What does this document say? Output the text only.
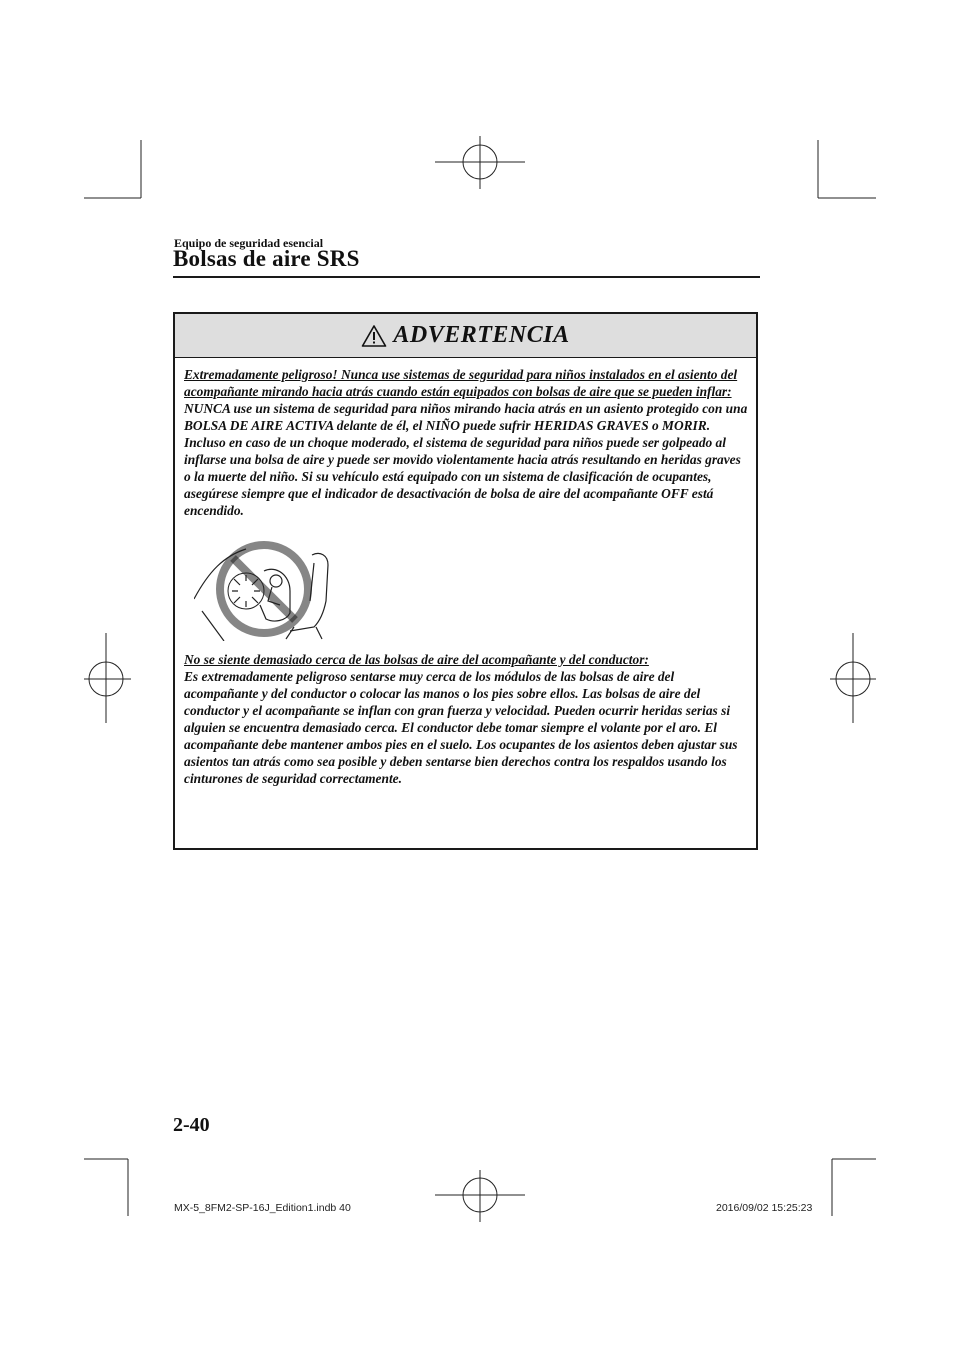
Equipo de seguridad esencial
Bolsas de aire SRS
ADVERTENCIA

Extremadamente peligroso! Nunca use sistemas de seguridad para niños instalados en el asiento del acompañante mirando hacia atrás cuando están equipados con bolsas de aire que se pueden inflar:

NUNCA use un sistema de seguridad para niños mirando hacia atrás en un asiento protegido con una BOLSA DE AIRE ACTIVA delante de él, el NIÑO puede sufrir HERIDAS GRAVES o MORIR.

Incluso en caso de un choque moderado, el sistema de seguridad para niños puede ser golpeado al inflarse una bolsa de aire y puede ser movido violentamente hacia atrás resultando en heridas graves o la muerte del niño. Si su vehículo está equipado con un sistema de clasificación de ocupantes, asegúrese siempre que el indicador de desactivación de bolsa de aire del acompañante OFF está encendido.

No se siente demasiado cerca de las bolsas de aire del acompañante y del conductor:

Es extremadamente peligroso sentarse muy cerca de los módulos de las bolsas de aire del acompañante y del conductor o colocar las manos o los pies sobre ellos. Las bolsas de aire del conductor y el acompañante se inflan con gran fuerza y velocidad. Pueden ocurrir heridas serias si alguien se encuentra demasiado cerca. El conductor debe tomar siempre el volante por el aro. El acompañante debe mantener ambos pies en el suelo. Los ocupantes de los asientos deben ajustar sus asientos tan atrás como sea posible y deben sentarse bien derechos contra los respaldos usando los cinturones de seguridad correctamente.

2-40
MX-5_8FM2-SP-16J_Edition1.indb 40	2016/09/02 15:25:23
